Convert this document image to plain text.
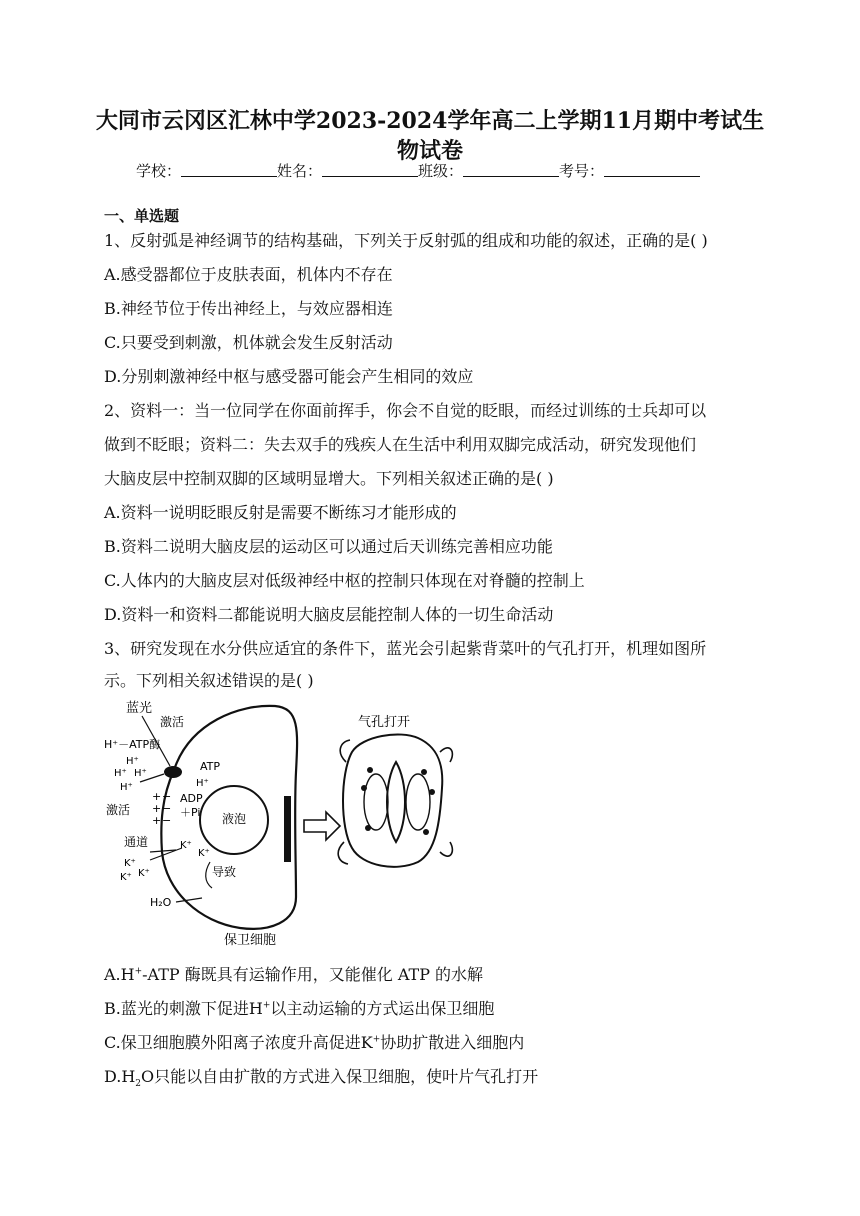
大同市云冈区汇林中学2023-2024学年高二上学期11月期中考试生
物试卷
学校：	姓名：	班级：	考号：
一、单选题
1、反射弧是神经调节的结构基础，下列关于反射弧的组成和功能的叙述，正确的是( )
A.感受器都位于皮肤表面，机体内不存在
B.神经节位于传出神经上，与效应器相连
C.只要受到刺激，机体就会发生反射活动
D.分别刺激神经中枢与感受器可能会产生相同的效应
2、资料一：当一位同学在你面前挥手，你会不自觉的眨眼，而经过训练的士兵却可以
做到不眨眼；资料二：失去双手的残疾人在生活中利用双脚完成活动，研究发现他们
大脑皮层中控制双脚的区域明显增大。下列相关叙述正确的是( )
A.资料一说明眨眼反射是需要不断练习才能形成的
B.资料二说明大脑皮层的运动区可以通过后天训练完善相应功能
C.人体内的大脑皮层对低级神经中枢的控制只体现在对脊髓的控制上
D.资料一和资料二都能说明大脑皮层能控制人体的一切生命活动
3、研究发现在水分供应适宜的条件下，蓝光会引起紫背菜叶的气孔打开，机理如图所
示。下列相关叙述错误的是( )
液泡
蓝光
激活
H⁺－ATP酶
ATP
H⁺
ADP
＋Pi
H⁺
H⁺ H⁺
H⁺
+ −
+ −
+ −
激活
通道
K⁺
K⁺ K⁺
K⁺
K⁺
导致
H₂O
保卫细胞
气孔打开
A.H+-ATP 酶既具有运输作用，又能催化 ATP 的水解
B.蓝光的刺激下促进H+以主动运输的方式运出保卫细胞
C.保卫细胞膜外阳离子浓度升高促进K+协助扩散进入细胞内
$D.H_2O$只能以自由扩散的方式进入保卫细胞，使叶片气孔打开
